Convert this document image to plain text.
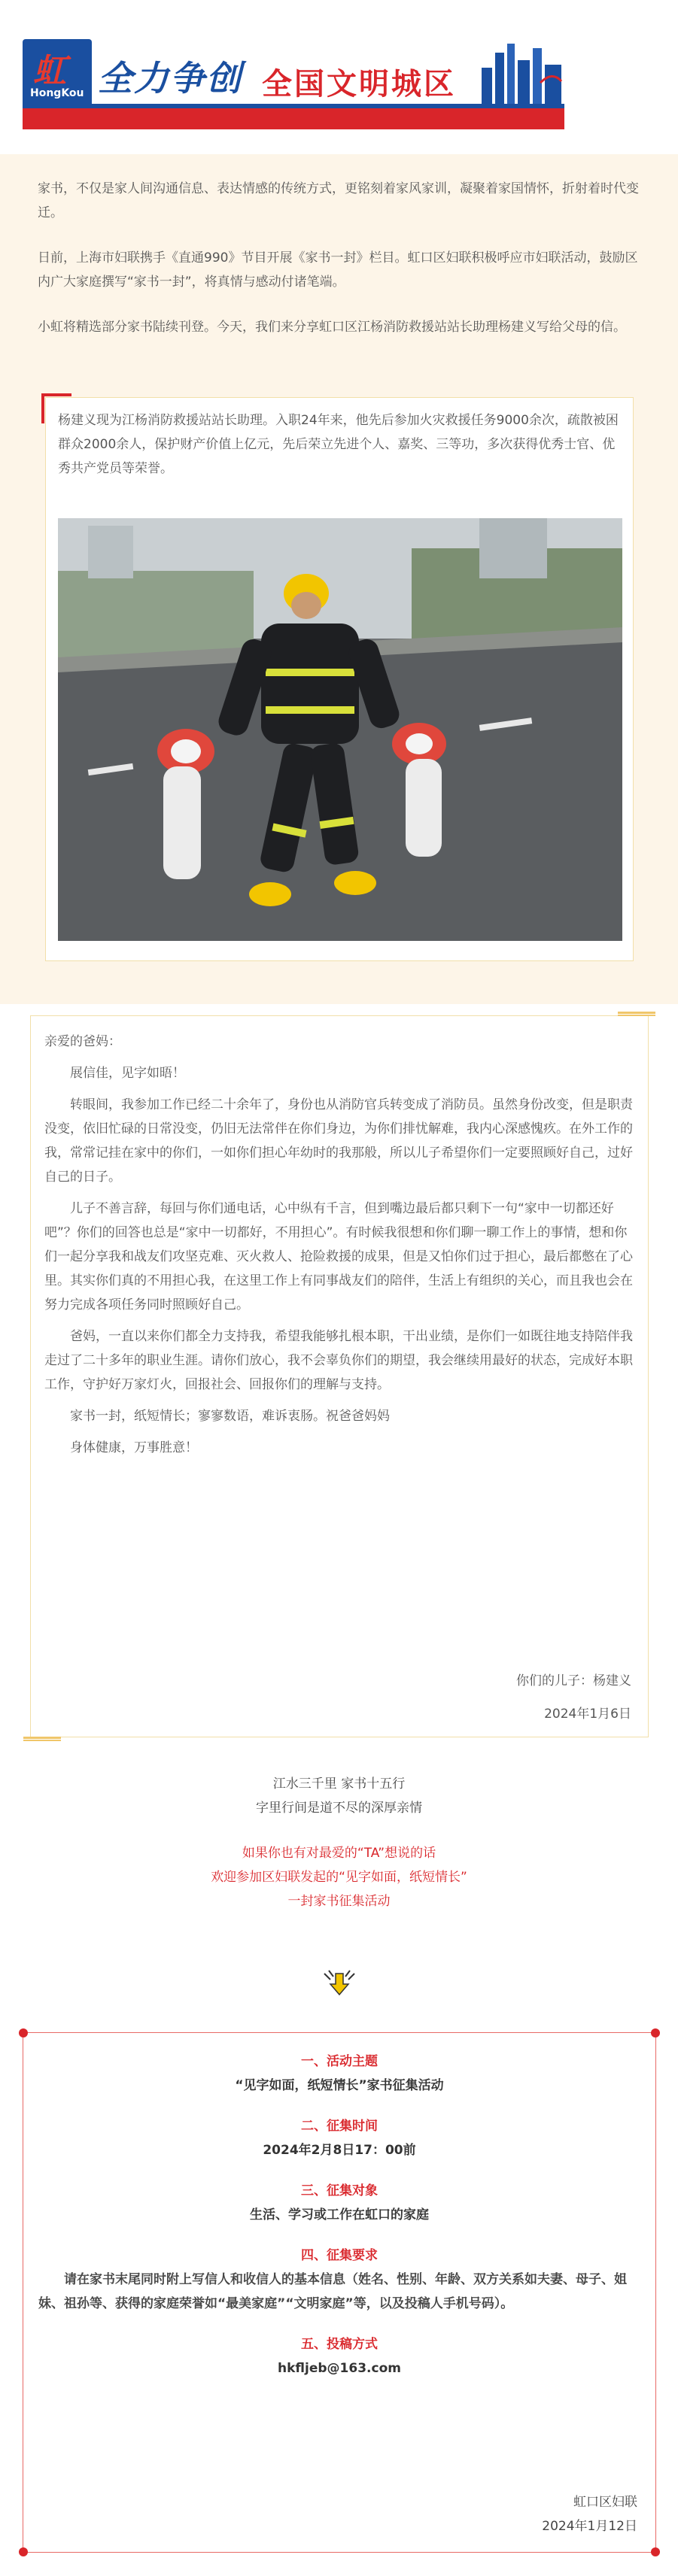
虹
HongKou 全力争创 全国文明城区

家书，不仅是家人间沟通信息、表达情感的传统方式，更铭刻着家风家训，凝聚着家国情怀，折射着时代变迁。

日前，上海市妇联携手《直通990》节目开展《家书一封》栏目。虹口区妇联积极呼应市妇联活动，鼓励区内广大家庭撰写“家书一封”，将真情与感动付诸笔端。

小虹将精选部分家书陆续刊登。今天，我们来分享虹口区江杨消防救援站站长助理杨建义写给父母的信。

杨建义现为江杨消防救援站站长助理。入职24年来，他先后参加火灾救援任务9000余次，疏散被困群众2000余人，保护财产价值上亿元，先后荣立先进个人、嘉奖、三等功，多次获得优秀士官、优秀共产党员等荣誉。

亲爱的爸妈：

展信佳，见字如晤！

转眼间，我参加工作已经二十余年了，身份也从消防官兵转变成了消防员。虽然身份改变，但是职责没变，依旧忙碌的日常没变，仍旧无法常伴在你们身边，为你们排忧解难，我内心深感愧疚。在外工作的我，常常记挂在家中的你们，一如你们担心年幼时的我那般，所以儿子希望你们一定要照顾好自己，过好自己的日子。

儿子不善言辞，每回与你们通电话，心中纵有千言，但到嘴边最后都只剩下一句“家中一切都还好吧”？你们的回答也总是“家中一切都好，不用担心”。有时候我很想和你们聊一聊工作上的事情，想和你们一起分享我和战友们攻坚克难、灭火救人、抢险救援的成果，但是又怕你们过于担心，最后都憋在了心里。其实你们真的不用担心我，在这里工作上有同事战友们的陪伴，生活上有组织的关心，而且我也会在努力完成各项任务同时照顾好自己。

爸妈，一直以来你们都全力支持我，希望我能够扎根本职，干出业绩，是你们一如既往地支持陪伴我走过了二十多年的职业生涯。请你们放心，我不会辜负你们的期望，我会继续用最好的状态，完成好本职工作，守护好万家灯火，回报社会、回报你们的理解与支持。

家书一封，纸短情长；寥寥数语，难诉衷肠。祝爸爸妈妈

身体健康，万事胜意！

你们的儿子：杨建义
2024年1月6日
江水三千里 家书十五行
字里行间是道不尽的深厚亲情
如果你也有对最爱的“TA”想说的话
欢迎参加区妇联发起的“见字如面，纸短情长”
一封家书征集活动
一、活动主题
“见字如面，纸短情长”家书征集活动
二、征集时间
2024年2月8日17：00前
三、征集对象
生活、学习或工作在虹口的家庭
四、征集要求
请在家书末尾同时附上写信人和收信人的基本信息（姓名、性别、年龄、双方关系如夫妻、母子、姐妹、祖孙等、获得的家庭荣誉如“最美家庭”“文明家庭”等，以及投稿人手机号码）。
五、投稿方式
hkfljeb@163.com
虹口区妇联
2024年1月12日
